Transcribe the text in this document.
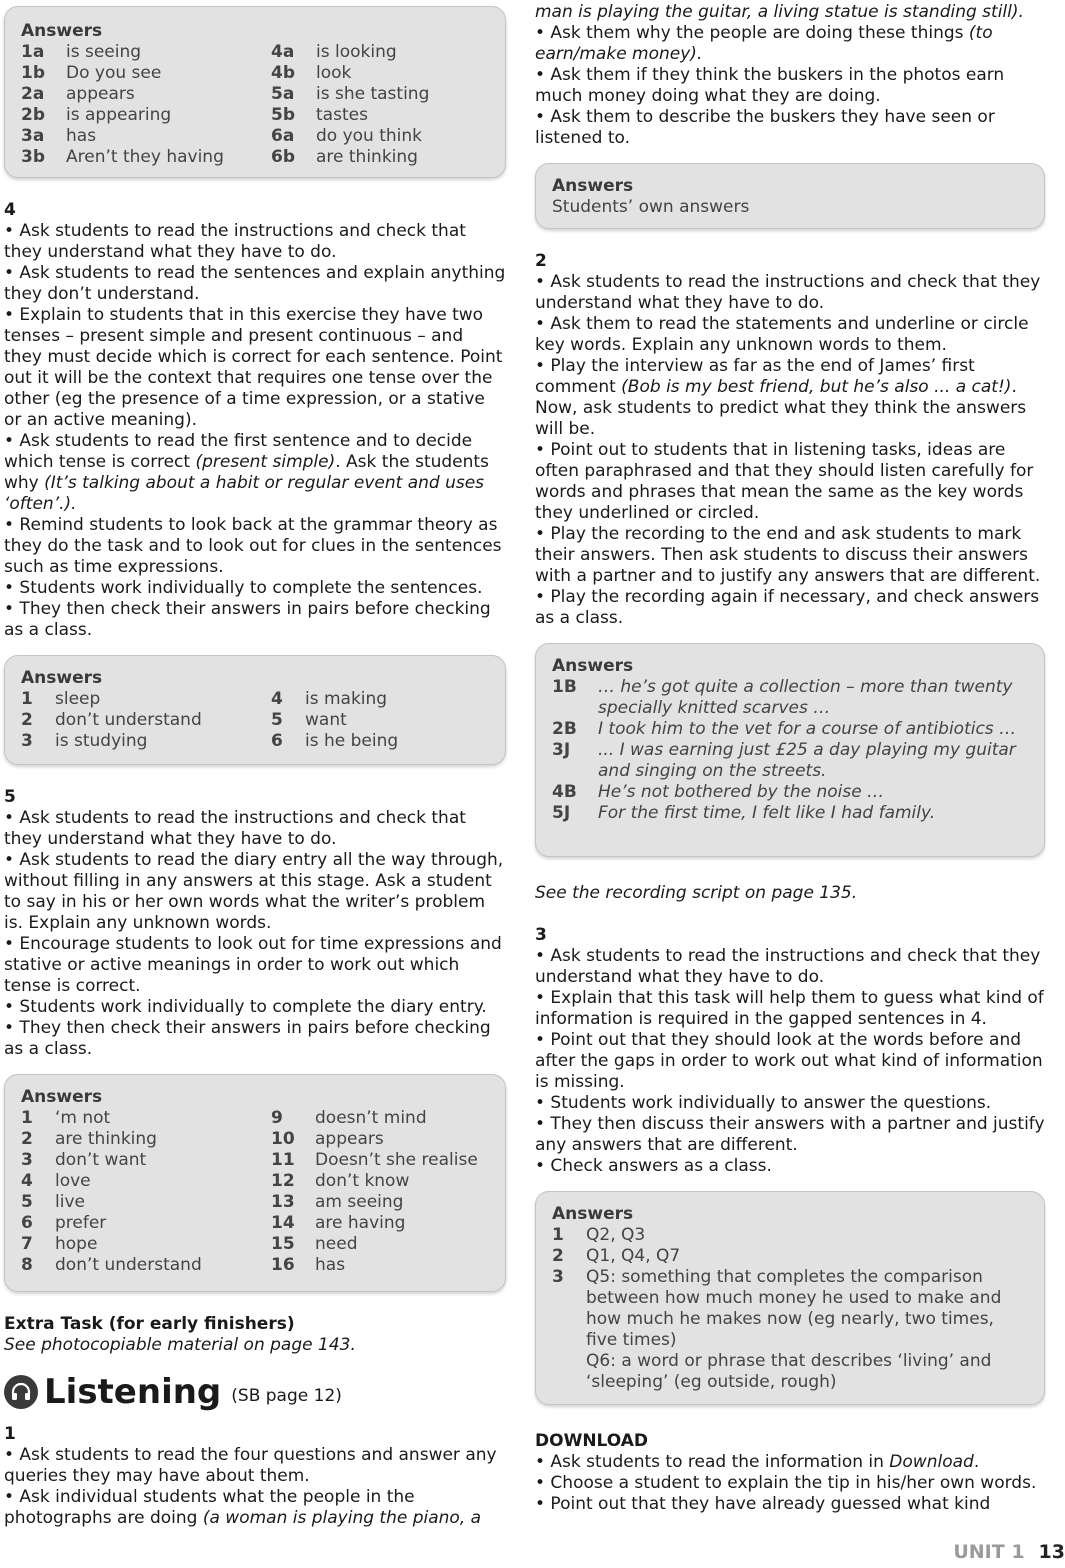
Answers

1a	is seeing	4a	is looking
1b	Do you see	4b	look
2a	appears	5a	is she tasting
2b	is appearing	5b	tastes
3a	has	6a	do you think
3b	Aren’t they having	6b	are thinking

4

• Ask students to read the instructions and check that they understand what they have to do.

• Ask students to read the sentences and explain anything they don’t understand.

• Explain to students that in this exercise they have two tenses – present simple and present continuous – and they must decide which is correct for each sentence. Point out it will be the context that requires one tense over the other (eg the presence of a time expression, or a stative or an active meaning).

• Ask students to read the first sentence and to decide which tense is correct (present simple). Ask the students why (It’s talking about a habit or regular event and uses ‘often’.).

• Remind students to look back at the grammar theory as they do the task and to look out for clues in the sentences such as time expressions.

• Students work individually to complete the sentences.

• They then check their answers in pairs before checking as a class.

Answers

1	sleep	4	is making
2	don’t understand	5	want
3	is studying	6	is he being

5

• Ask students to read the instructions and check that they understand what they have to do.

• Ask students to read the diary entry all the way through, without filling in any answers at this stage. Ask a student to say in his or her own words what the writer’s problem is. Explain any unknown words.

• Encourage students to look out for time expressions and stative or active meanings in order to work out which tense is correct.

• Students work individually to complete the diary entry.

• They then check their answers in pairs before checking as a class.

Answers

1	‘m not	9	doesn’t mind
2	are thinking	10	appears
3	don’t want	11	Doesn’t she realise
4	love	12	don’t know
5	live	13	am seeing
6	prefer	14	are having
7	hope	15	need
8	don’t understand	16	has

Extra Task (for early finishers)

See photocopiable material on page 143.

Listening (SB page 12)

1

• Ask students to read the four questions and answer any queries they may have about them.

• Ask individual students what the people in the photographs are doing (a woman is playing the piano, a

man is playing the guitar, a living statue is standing still).

• Ask them why the people are doing these things (to earn/make money).

• Ask them if they think the buskers in the photos earn much money doing what they are doing.

• Ask them to describe the buskers they have seen or listened to.

Answers

Students’ own answers

2

• Ask students to read the instructions and check that they understand what they have to do.

• Ask them to read the statements and underline or circle key words. Explain any unknown words to them.

• Play the interview as far as the end of James’ first comment (Bob is my best friend, but he’s also ... a cat!). Now, ask students to predict what they think the answers will be.

• Point out to students that in listening tasks, ideas are often paraphrased and that they should listen carefully for words and phrases that mean the same as the key words they underlined or circled.

• Play the recording to the end and ask students to mark their answers. Then ask students to discuss their answers with a partner and to justify any answers that are different.

• Play the recording again if necessary, and check answers as a class.

Answers

1B	… he’s got quite a collection – more than twenty specially knitted scarves …
2B	I took him to the vet for a course of antibiotics …
3J	... I was earning just £25 a day playing my guitar and singing on the streets.
4B	He’s not bothered by the noise …
5J	For the first time, I felt like I had family.

See the recording script on page 135.

3

• Ask students to read the instructions and check that they understand what they have to do.

• Explain that this task will help them to guess what kind of information is required in the gapped sentences in 4.

• Point out that they should look at the words before and after the gaps in order to work out what kind of information is missing.

• Students work individually to answer the questions.

• They then discuss their answers with a partner and justify any answers that are different.

• Check answers as a class.

Answers

1	Q2, Q3
2	Q1, Q4, Q7
3	Q5: something that completes the comparison between how much money he used to make and how much he makes now (eg nearly, two times, five times)
Q6: a word or phrase that describes ‘living’ and ‘sleeping’ (eg outside, rough)

DOWNLOAD

• Ask students to read the information in Download.

• Choose a student to explain the tip in his/her own words.

• Point out that they have already guessed what kind

UNIT 1 13
